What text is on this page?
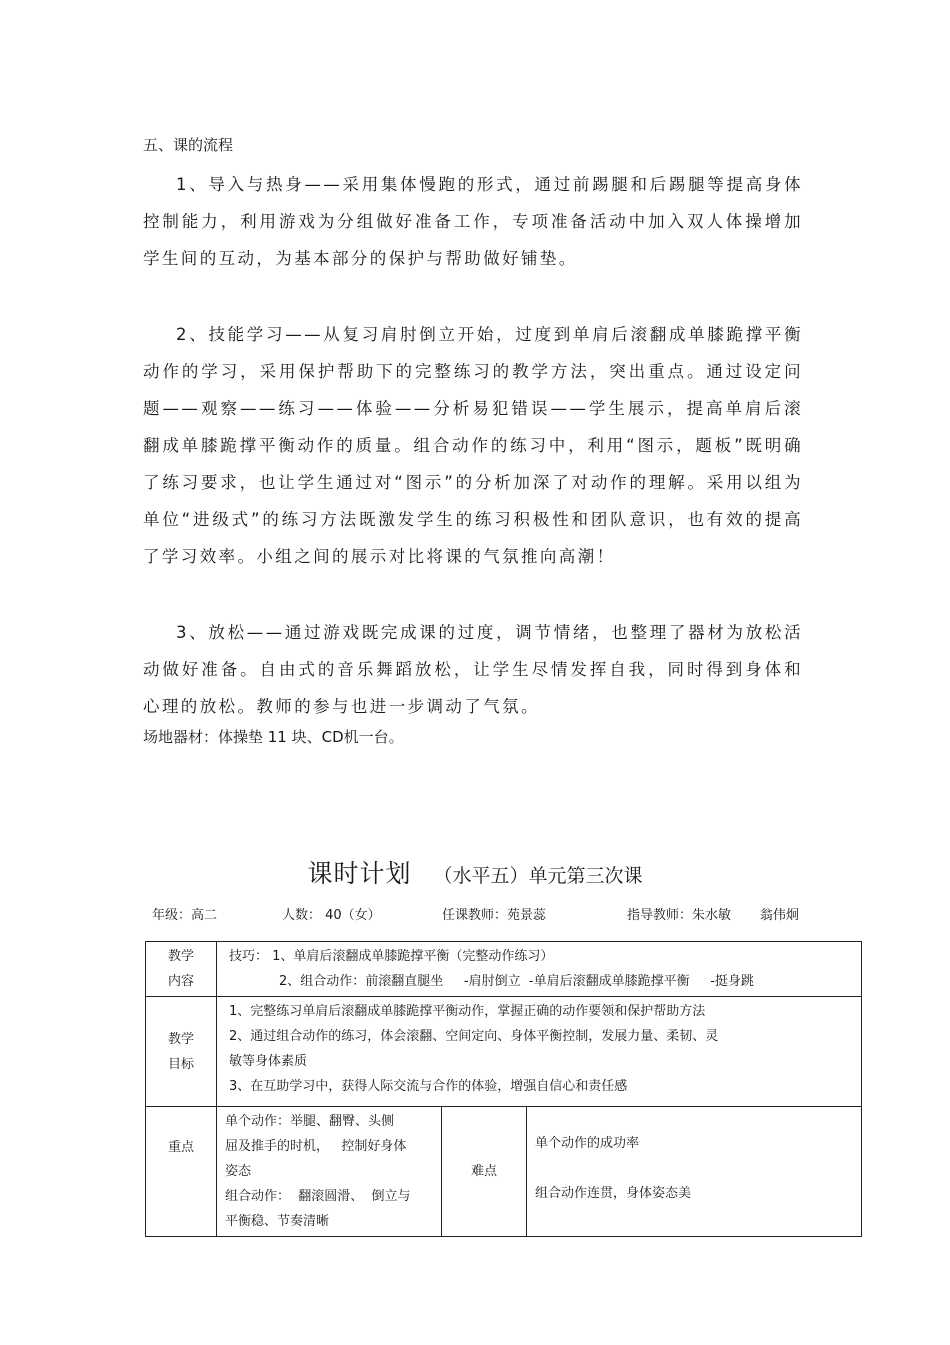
五、课的流程

1、导入与热身——采用集体慢跑的形式，通过前踢腿和后踢腿等提高身体控制能力，利用游戏为分组做好准备工作，专项准备活动中加入双人体操增加学生间的互动，为基本部分的保护与帮助做好铺垫。

2、技能学习——从复习肩肘倒立开始，过度到单肩后滚翻成单膝跪撑平衡动作的学习，采用保护帮助下的完整练习的教学方法，突出重点。通过设定问题——观察——练习——体验——分析易犯错误——学生展示，提高单肩后滚翻成单膝跪撑平衡动作的质量。组合动作的练习中，利用“图示，题板”既明确了练习要求，也让学生通过对“图示”的分析加深了对动作的理解。采用以组为单位“进级式”的练习方法既激发学生的练习积极性和团队意识，也有效的提高了学习效率。小组之间的展示对比将课的气氛推向高潮！

3、放松——通过游戏既完成课的过度，调节情绪，也整理了器材为放松活动做好准备。自由式的音乐舞蹈放松，让学生尽情发挥自我，同时得到身体和心理的放松。教师的参与也进一步调动了气氛。

场地器材：体操垫 11 块、CD机一台。
课时计划 （水平五）单元第三次课
年级：高二	人数： 40（女）	任课教师：苑景蕊	指导教师：朱水敏       翁伟炯
教学
内容	技巧： 1、单肩后滚翻成单膝跪撑平衡（完整动作练习）
2、组合动作：前滚翻直腿坐     -肩肘倒立  -单肩后滚翻成单膝跪撑平衡     -挺身跳		

教学
目标	1、完整练习单肩后滚翻成单膝跪撑平衡动作，掌握正确的动作要领和保护帮助方法
2、通过组合动作的练习，体会滚翻、空间定向、身体平衡控制，发展力量、柔韧、灵
敏等身体素质
3、在互助学习中，获得人际交流与合作的体验，增强自信心和责任感		

重点	单个动作：举腿、翻臀、头侧
屈及推手的时机，   控制好身体
姿态
组合动作：  翻滚圆滑、  倒立与
平衡稳、节奏清晰	难点	单个动作的成功率
组合动作连贯，身体姿态美
